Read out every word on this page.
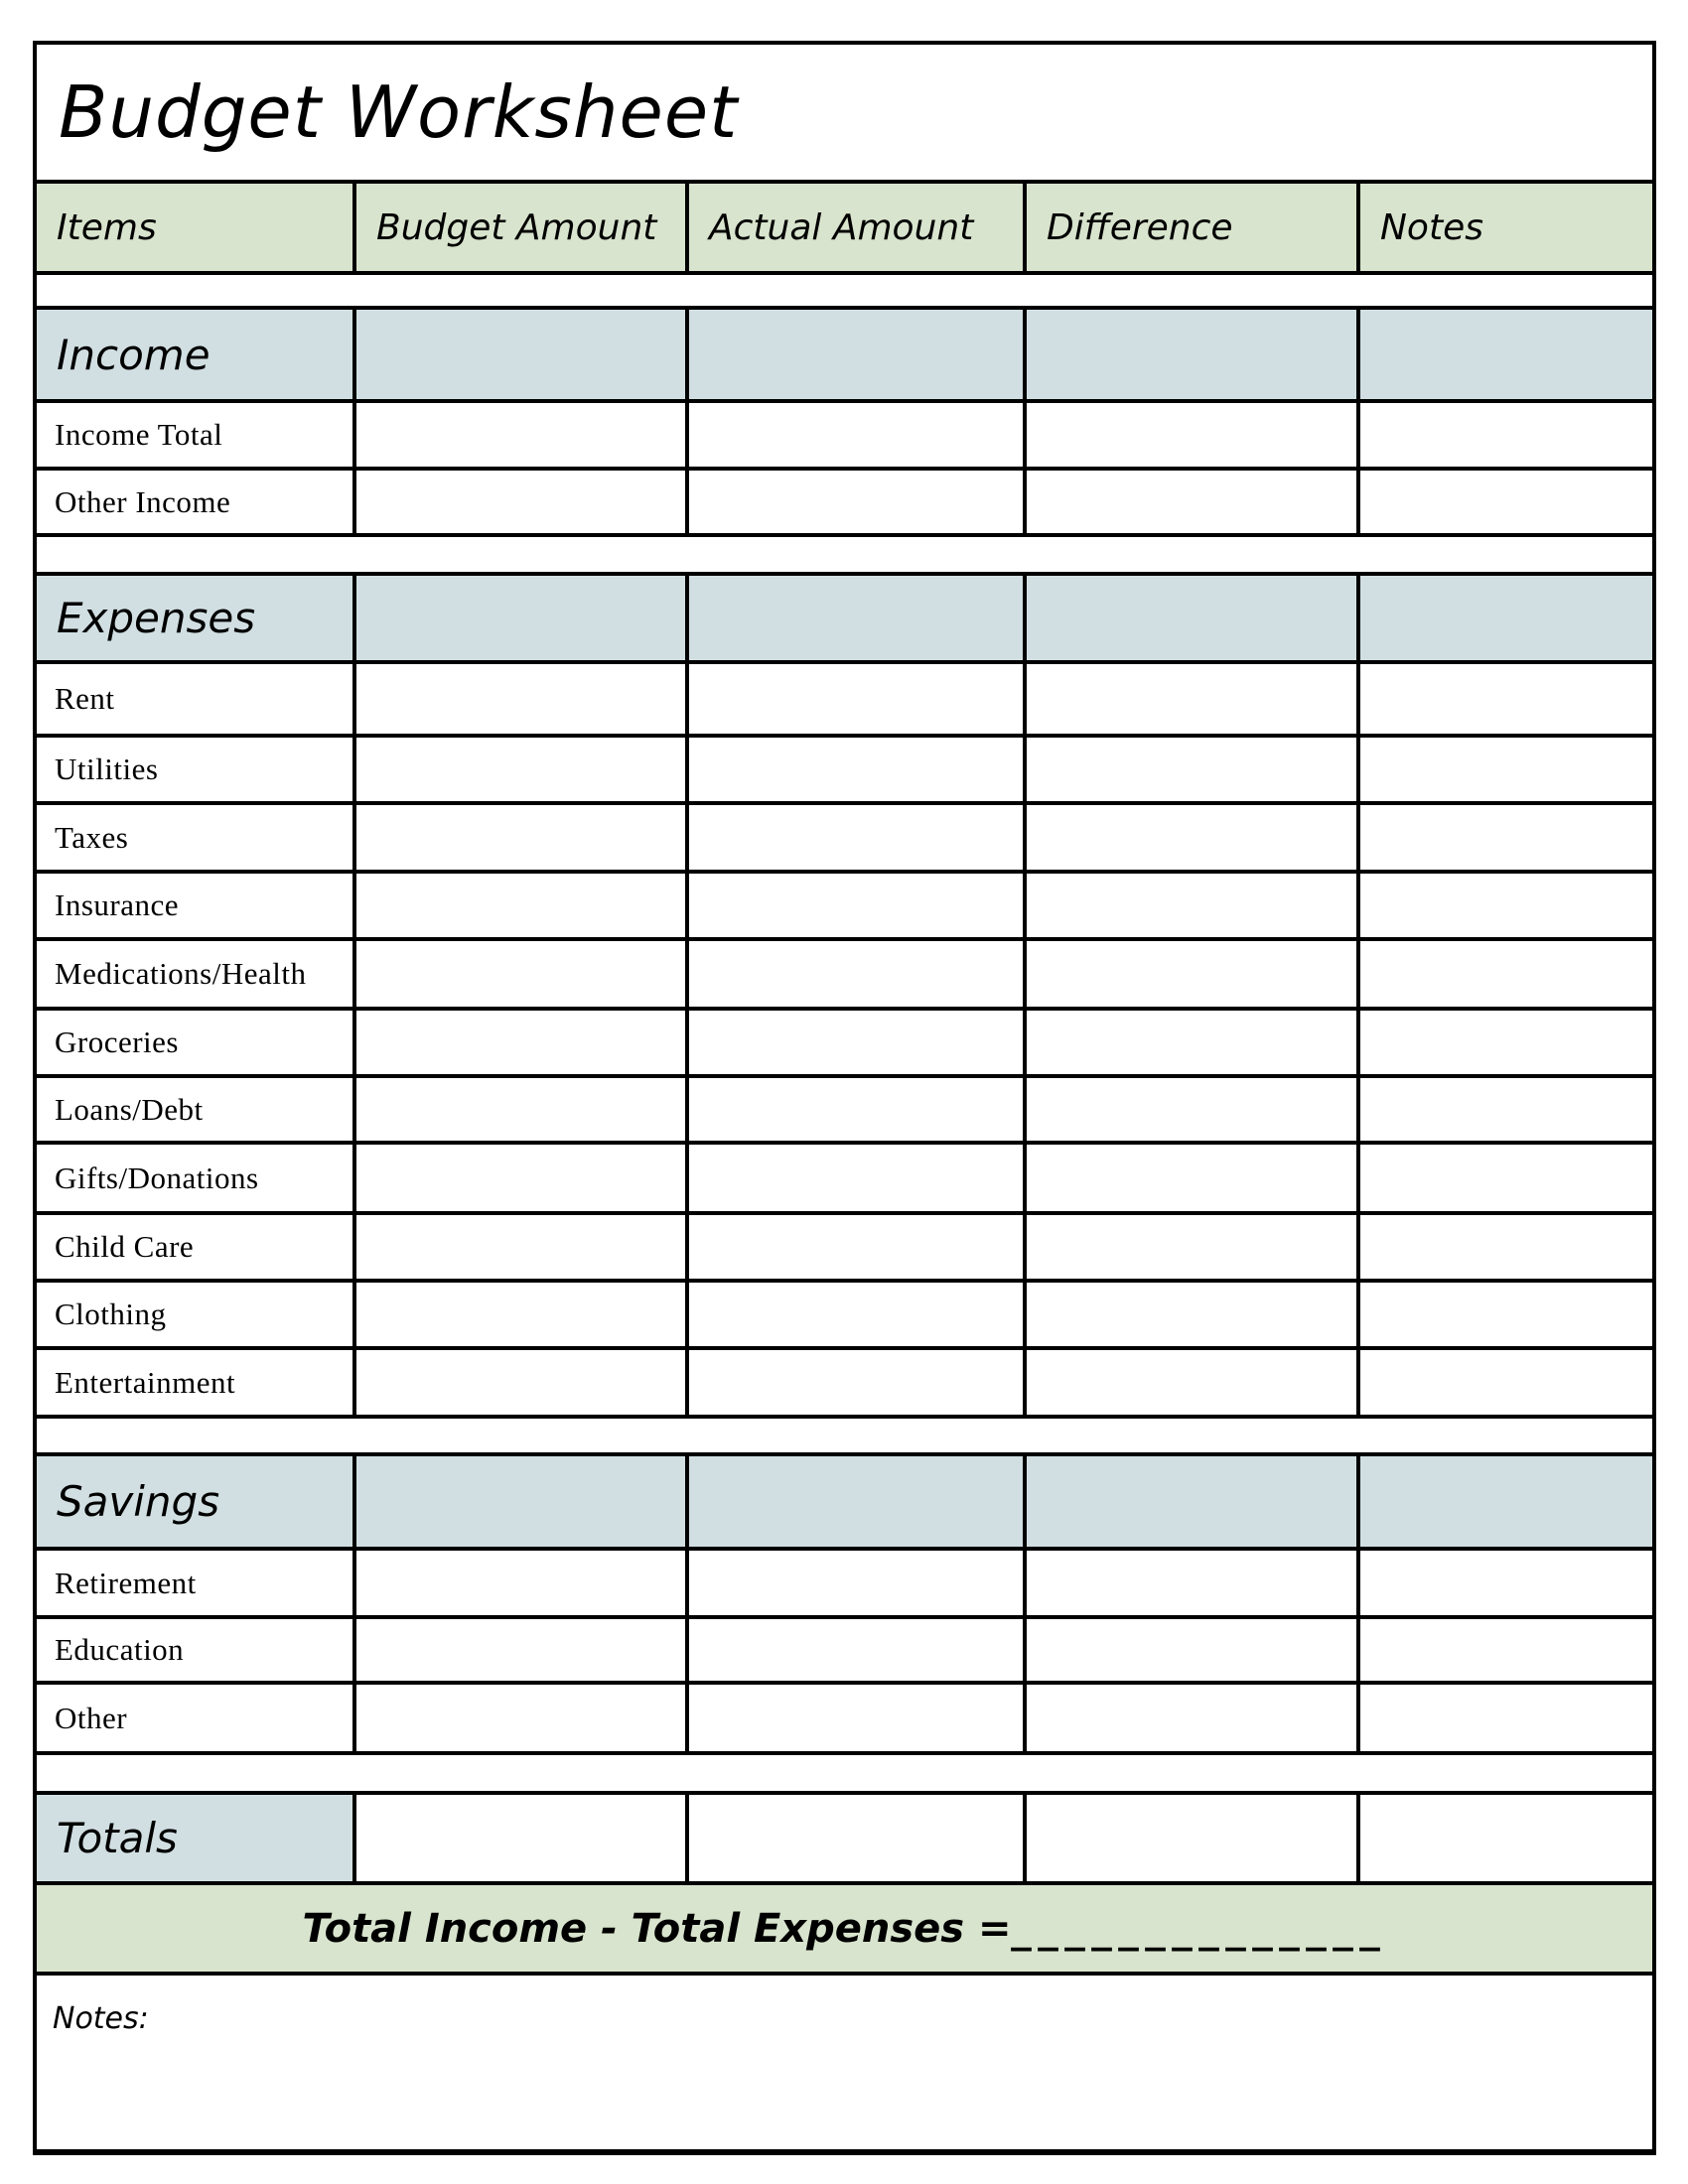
Budget Worksheet
Items	Budget Amount	Actual Amount	Difference	Notes
Income
Income Total
Other Income
Expenses
Rent
Utilities
Taxes
Insurance
Medications/Health
Groceries
Loans/Debt
Gifts/Donations
Child Care
Clothing
Entertainment
Savings
Retirement
Education
Other
Totals
Total Income - Total Expenses = ______________
Notes:
